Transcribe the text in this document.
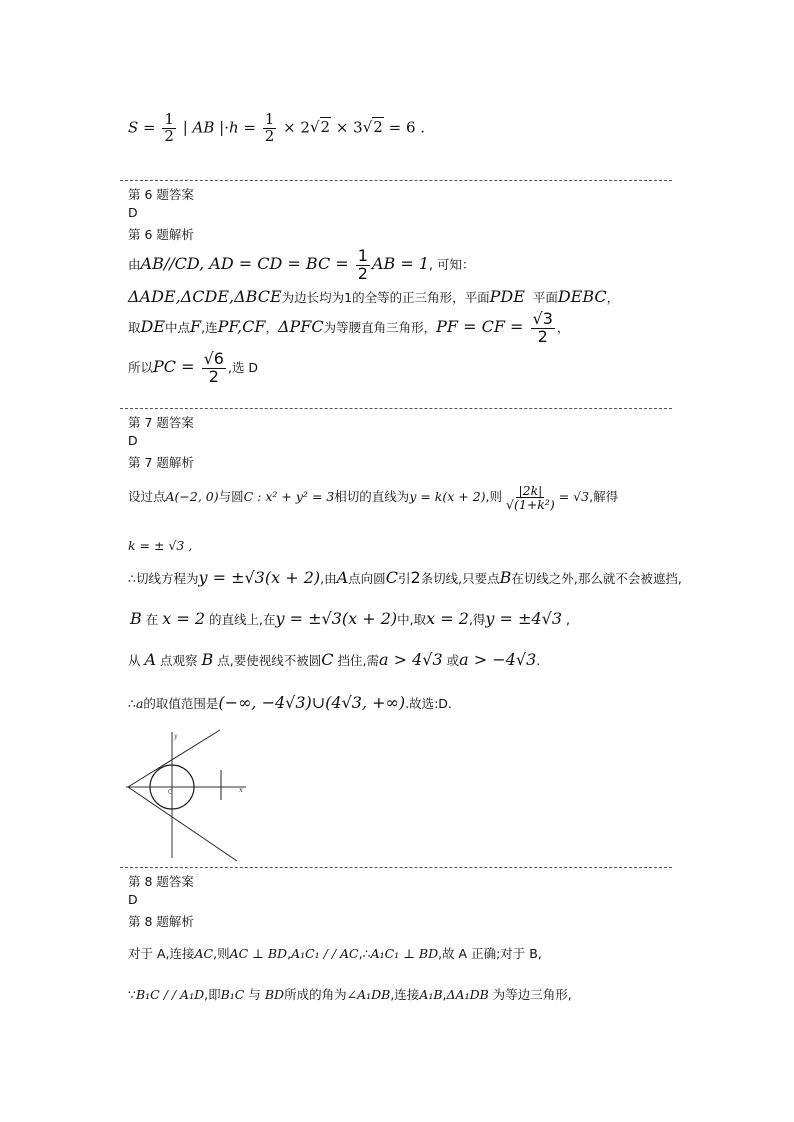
$S = \frac{1}{2}$ | AB $|\cdot h = \frac{1}{2} \times 2√2 \times 3√2 = 6$ .
第 6 题答案
D
第 6 题解析
由AB//CD, AD = CD = BC = $\frac{1}{2}$ AB = 1, 可知：
ΔADE,ΔCDE,ΔBCE为边长均为1的全等的正三角形，平面PDE  平面DEBC，
取DE中点F,连PF,CF，ΔPFC为等腰直角三角形，PF = CF = $\frac{√3}{2}$ ，
所以PC = $\frac{√6}{2}$ ,选 D
第 7 题答案
D
第 7 题解析
设过点A(−2, 0)与圆C : x² + y² = 3相切的直线为y = k(x + 2),则 $\frac{|2k|}{\text{√(1+k²)}} = √3$,解得
k = ± √3 ,
∴切线方程为y = ±√3(x + 2),由A点向圆C引2条切线,只要点B在切线之外,那么就不会被遮挡,
B 在 x = 2 的直线上,在y = ±√3(x + 2)中,取x = 2,得y = ±4√3 ,
从 A 点观察 B 点,要使视线不被圆C 挡住,需a > 4√3 或a > −4√3.
∴a的取值范围是(−∞, −4√3)∪(4√3, +∞).故选:D.
x
O
y
第 8 题答案
D
第 8 题解析
对于 A,连接AC,则AC ⊥ BD,A₁C₁ / / AC,∴A₁C₁ ⊥ BD,故 A 正确;对于 B,
∵B₁C / / A₁D,即B₁C 与 BD所成的角为∠A₁DB,连接A₁B,ΔA₁DB 为等边三角形,
